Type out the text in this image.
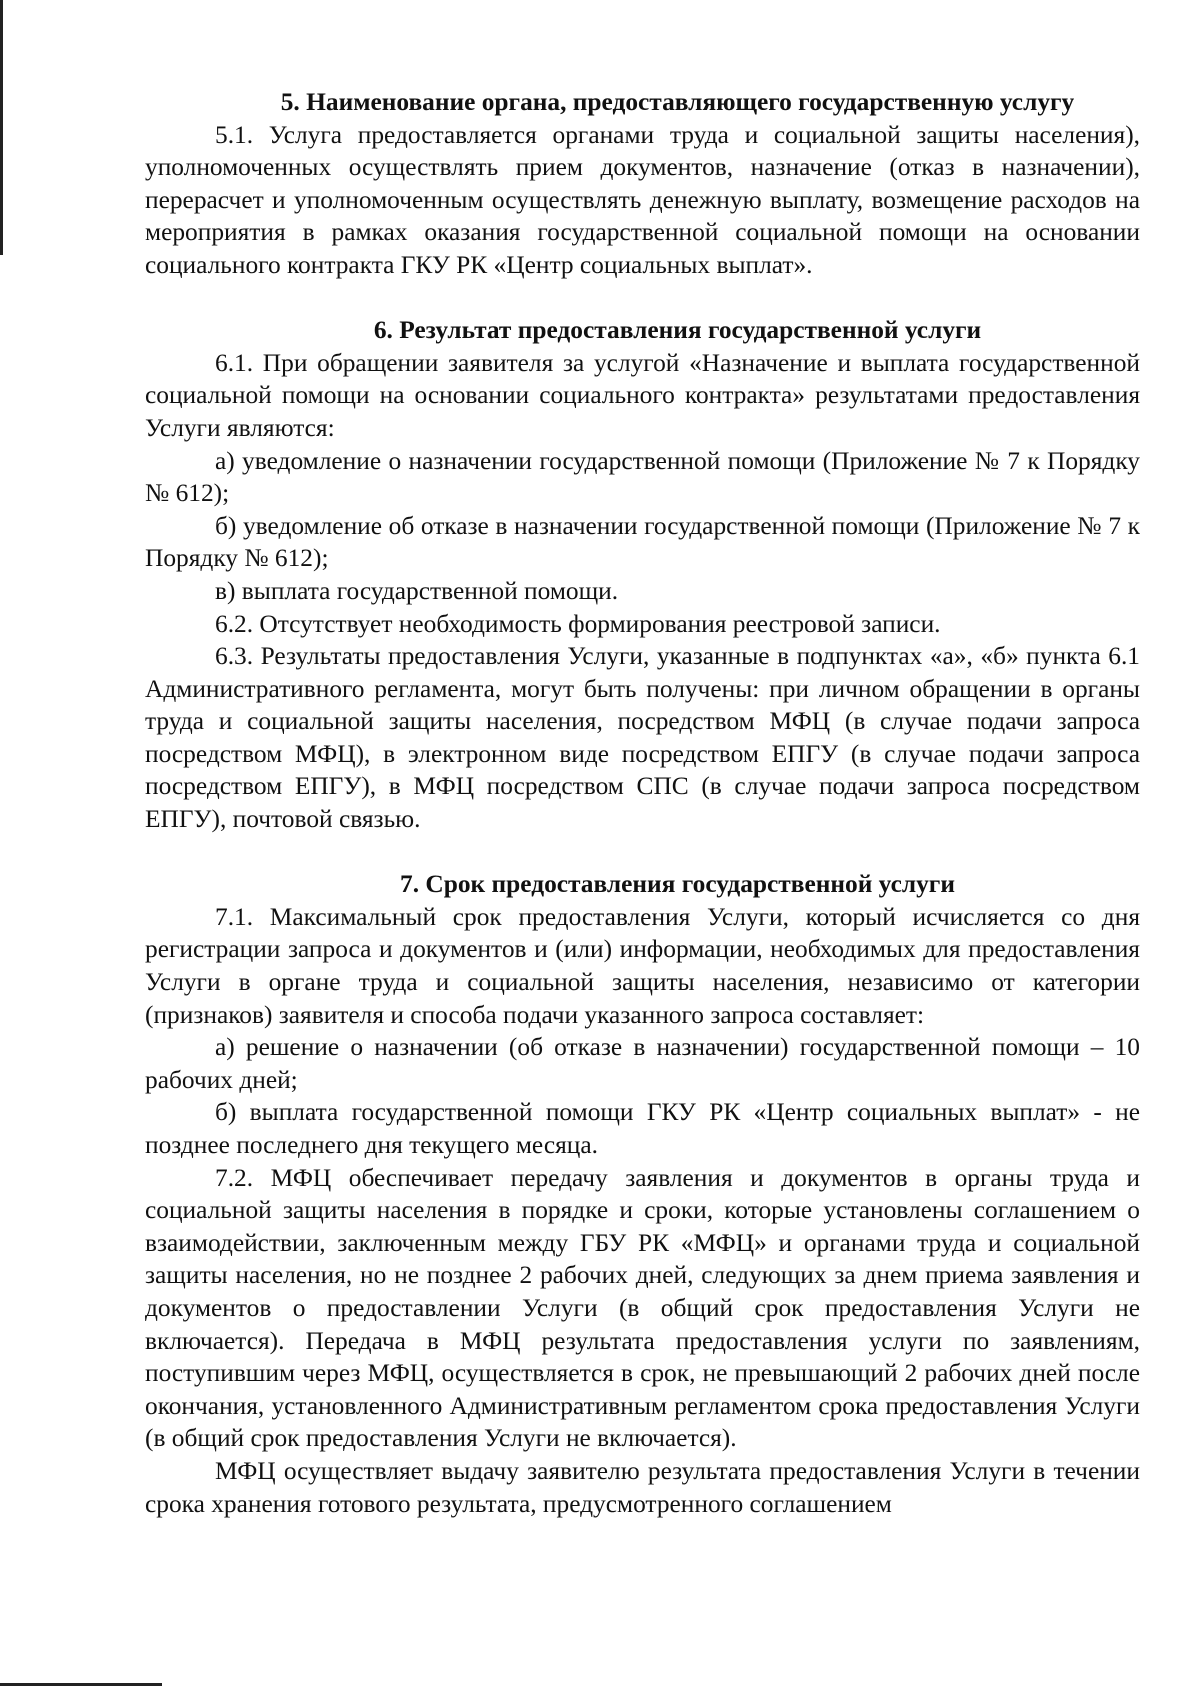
5. Наименование органа, предоставляющего государственную услугу

5.1. Услуга предоставляется органами труда и социальной защиты населения), уполномоченных осуществлять прием документов, назначение (отказ в назначении), перерасчет и уполномоченным осуществлять денежную выплату, возмещение расходов на мероприятия в рамках оказания государственной социальной помощи на основании социального контракта ГКУ РК «Центр социальных выплат».

6. Результат предоставления государственной услуги

6.1. При обращении заявителя за услугой «Назначение и выплата государственной социальной помощи на основании социального контракта» результатами предоставления Услуги являются:

а) уведомление о назначении государственной помощи (Приложение № 7 к Порядку № 612);

б) уведомление об отказе в назначении государственной помощи (Приложение № 7 к Порядку № 612);

в) выплата государственной помощи.

6.2. Отсутствует необходимость формирования реестровой записи.

6.3. Результаты предоставления Услуги, указанные в подпунктах «а», «б» пункта 6.1 Административного регламента, могут быть получены: при личном обращении в органы труда и социальной защиты населения, посредством МФЦ (в случае подачи запроса посредством МФЦ), в электронном виде посредством ЕПГУ (в случае подачи запроса посредством ЕПГУ), в МФЦ посредством СПС (в случае подачи запроса посредством ЕПГУ), почтовой связью.

7. Срок предоставления государственной услуги

7.1. Максимальный срок предоставления Услуги, который исчисляется со дня регистрации запроса и документов и (или) информации, необходимых для предоставления Услуги в органе труда и социальной защиты населения, независимо от категории (признаков) заявителя и способа подачи указанного запроса составляет:

а) решение о назначении (об отказе в назначении) государственной помощи – 10 рабочих дней;

б) выплата государственной помощи ГКУ РК «Центр социальных выплат» - не позднее последнего дня текущего месяца.

7.2. МФЦ обеспечивает передачу заявления и документов в органы труда и социальной защиты населения в порядке и сроки, которые установлены соглашением о взаимодействии, заключенным между ГБУ РК «МФЦ» и органами труда и социальной защиты населения, но не позднее 2 рабочих дней, следующих за днем приема заявления и документов о предоставлении Услуги (в общий срок предоставления Услуги не включается). Передача в МФЦ результата предоставления услуги по заявлениям, поступившим через МФЦ, осуществляется в срок, не превышающий 2 рабочих дней после окончания, установленного Административным регламентом срока предоставления Услуги (в общий срок предоставления Услуги не включается).

МФЦ осуществляет выдачу заявителю результата предоставления Услуги в течении срока хранения готового результата, предусмотренного соглашением
